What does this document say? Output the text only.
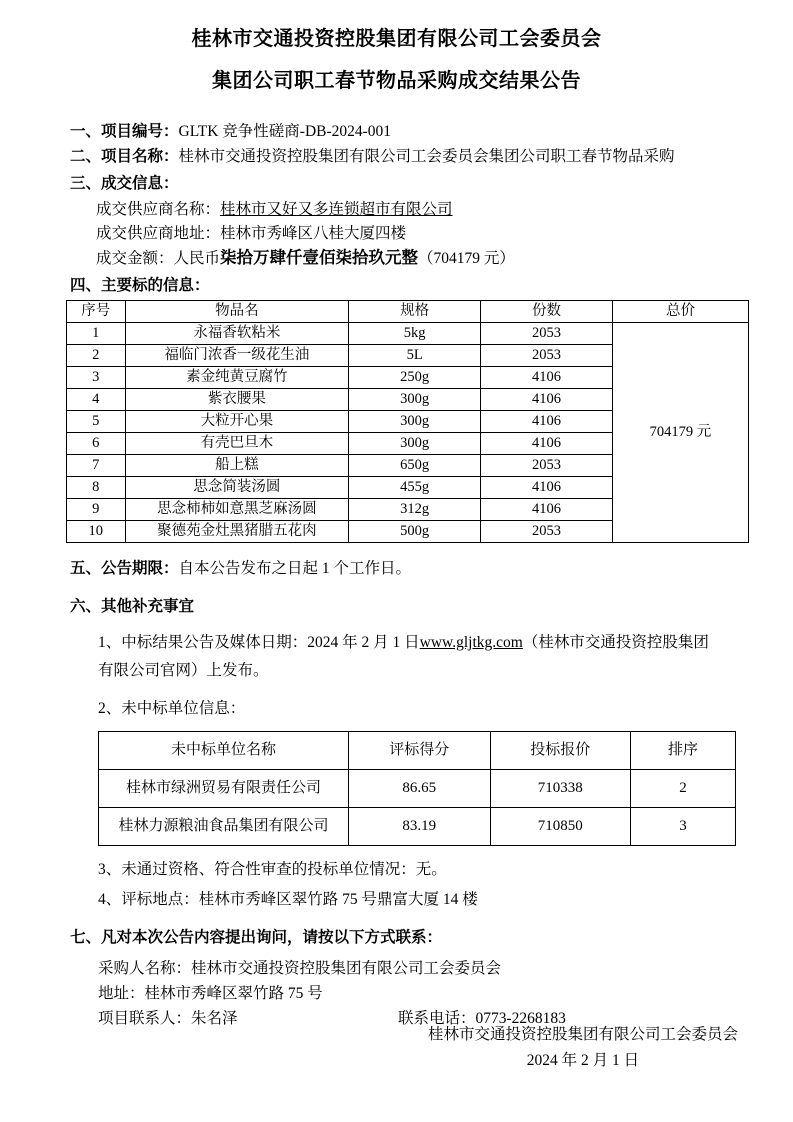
桂林市交通投资控股集团有限公司工会委员会
集团公司职工春节物品采购成交结果公告
一、项目编号：GLTK 竞争性磋商-DB-2024-001
二、项目名称：桂林市交通投资控股集团有限公司工会委员会集团公司职工春节物品采购
三、成交信息：
成交供应商名称：桂林市又好又多连锁超市有限公司
成交供应商地址：桂林市秀峰区八桂大厦四楼
成交金额：人民币柒拾万肆仟壹佰柒拾玖元整（704179 元）
四、主要标的信息：
序号	物品名	规格	份数	总价
1	永福香软粘米	5kg	2053	704179 元
2	福临门浓香一级花生油	5L	2053	
3	素金纯黄豆腐竹	250g	4106	
4	紫衣腰果	300g	4106	
5	大粒开心果	300g	4106	
6	有壳巴旦木	300g	4106	
7	船上糕	650g	2053	
8	思念简装汤圆	455g	4106	
9	思念柿柿如意黑芝麻汤圆	312g	4106	
10	聚德苑金灶黑猪腊五花肉	500g	2053	
五、公告期限：自本公告发布之日起 1 个工作日。
六、其他补充事宜
1、中标结果公告及媒体日期：2024 年 2 月 1 日www.gljtkg.com（桂林市交通投资控股集团
有限公司官网）上发布。
2、未中标单位信息：
未中标单位名称	评标得分	投标报价	排序
桂林市绿洲贸易有限责任公司	86.65	710338	2
桂林力源粮油食品集团有限公司	83.19	710850	3
3、未通过资格、符合性审查的投标单位情况：无。
4、评标地点：桂林市秀峰区翠竹路 75 号鼎富大厦 14 楼
七、凡对本次公告内容提出询问，请按以下方式联系：
采购人名称：桂林市交通投资控股集团有限公司工会委员会
地址：桂林市秀峰区翠竹路 75 号
项目联系人：朱名泽	联系电话：0773-2268183
桂林市交通投资控股集团有限公司工会委员会
2024 年 2 月 1 日
